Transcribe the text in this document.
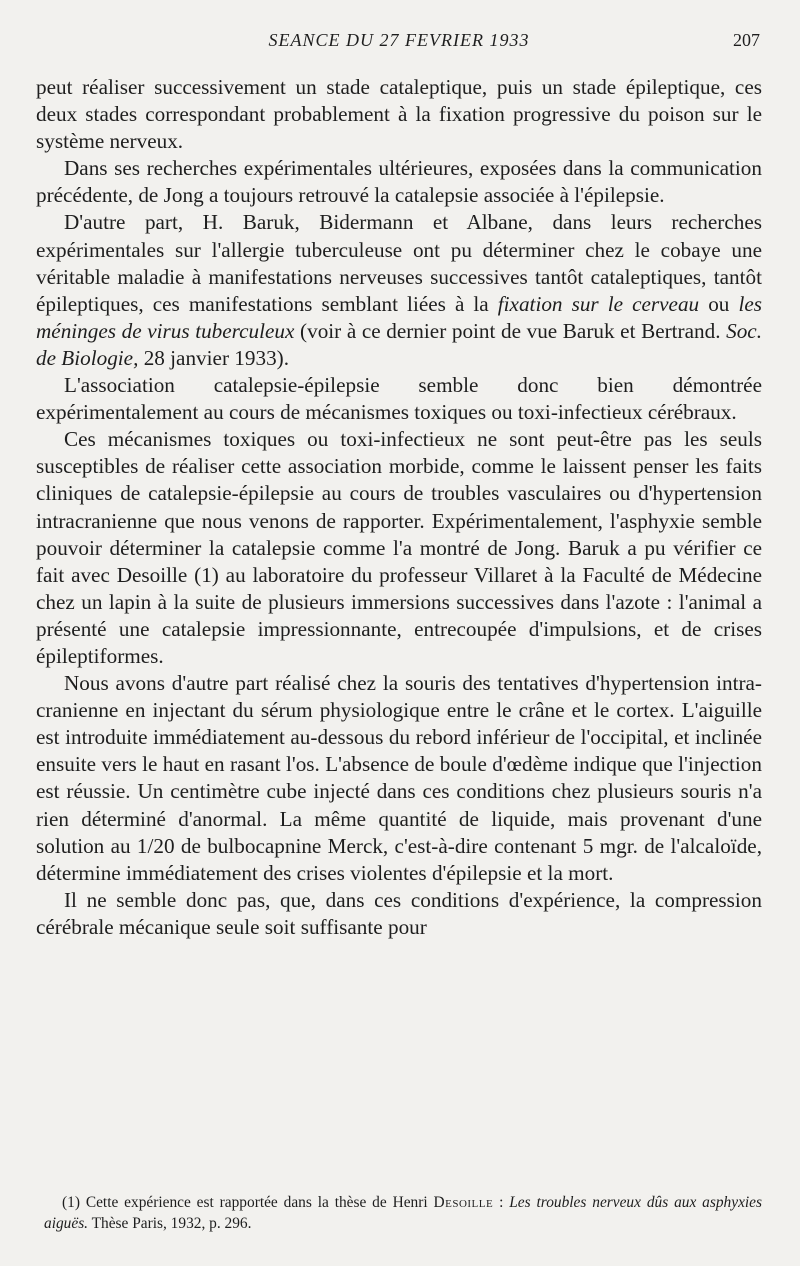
SEANCE DU 27 FEVRIER 1933	207

peut réaliser successivement un stade cataleptique, puis un stade épileptique, ces deux stades correspondant probablement à la fixation progressive du poison sur le système nerveux.

Dans ses recherches expérimentales ultérieures, exposées dans la communication précédente, de Jong a toujours retrouvé la catalepsie associée à l'épilepsie.

D'autre part, H. Baruk, Bidermann et Albane, dans leurs recherches expérimentales sur l'allergie tuberculeuse ont pu déterminer chez le cobaye une véritable maladie à manifestations nerveuses successives tantôt cataleptiques, tantôt épileptiques, ces manifestations semblant liées à la fixation sur le cerveau ou les méninges de virus tuberculeux (voir à ce dernier point de vue Baruk et Bertrand. Soc. de Biologie, 28 janvier 1933).

L'association catalepsie-épilepsie semble donc bien démontrée expérimentalement au cours de mécanismes toxiques ou toxi-infectieux cérébraux.

Ces mécanismes toxiques ou toxi-infectieux ne sont peut-être pas les seuls susceptibles de réaliser cette association morbide, comme le laissent penser les faits cliniques de catalepsie-épilepsie au cours de troubles vasculaires ou d'hypertension intracranienne que nous venons de rapporter. Expérimentalement, l'asphyxie semble pouvoir déterminer la catalepsie comme l'a montré de Jong. Baruk a pu vérifier ce fait avec Desoille (1) au laboratoire du professeur Villaret à la Faculté de Médecine chez un lapin à la suite de plusieurs immersions successives dans l'azote : l'animal a présenté une catalepsie impressionnante, entrecoupée d'impulsions, et de crises épileptiformes.

Nous avons d'autre part réalisé chez la souris des tentatives d'hypertension intra-cranienne en injectant du sérum physiologique entre le crâne et le cortex. L'aiguille est introduite immédiatement au-dessous du rebord inférieur de l'occipital, et inclinée ensuite vers le haut en rasant l'os. L'absence de boule d'œdème indique que l'injection est réussie. Un centimètre cube injecté dans ces conditions chez plusieurs souris n'a rien déterminé d'anormal. La même quantité de liquide, mais provenant d'une solution au 1/20 de bulbocapnine Merck, c'est-à-dire contenant 5 mgr. de l'alcaloïde, détermine immédiatement des crises violentes d'épilepsie et la mort.

Il ne semble donc pas, que, dans ces conditions d'expérience, la compression cérébrale mécanique seule soit suffisante pour

(1) Cette expérience est rapportée dans la thèse de Henri Desoille : Les troubles nerveux dûs aux asphyxies aiguës. Thèse Paris, 1932, p. 296.
